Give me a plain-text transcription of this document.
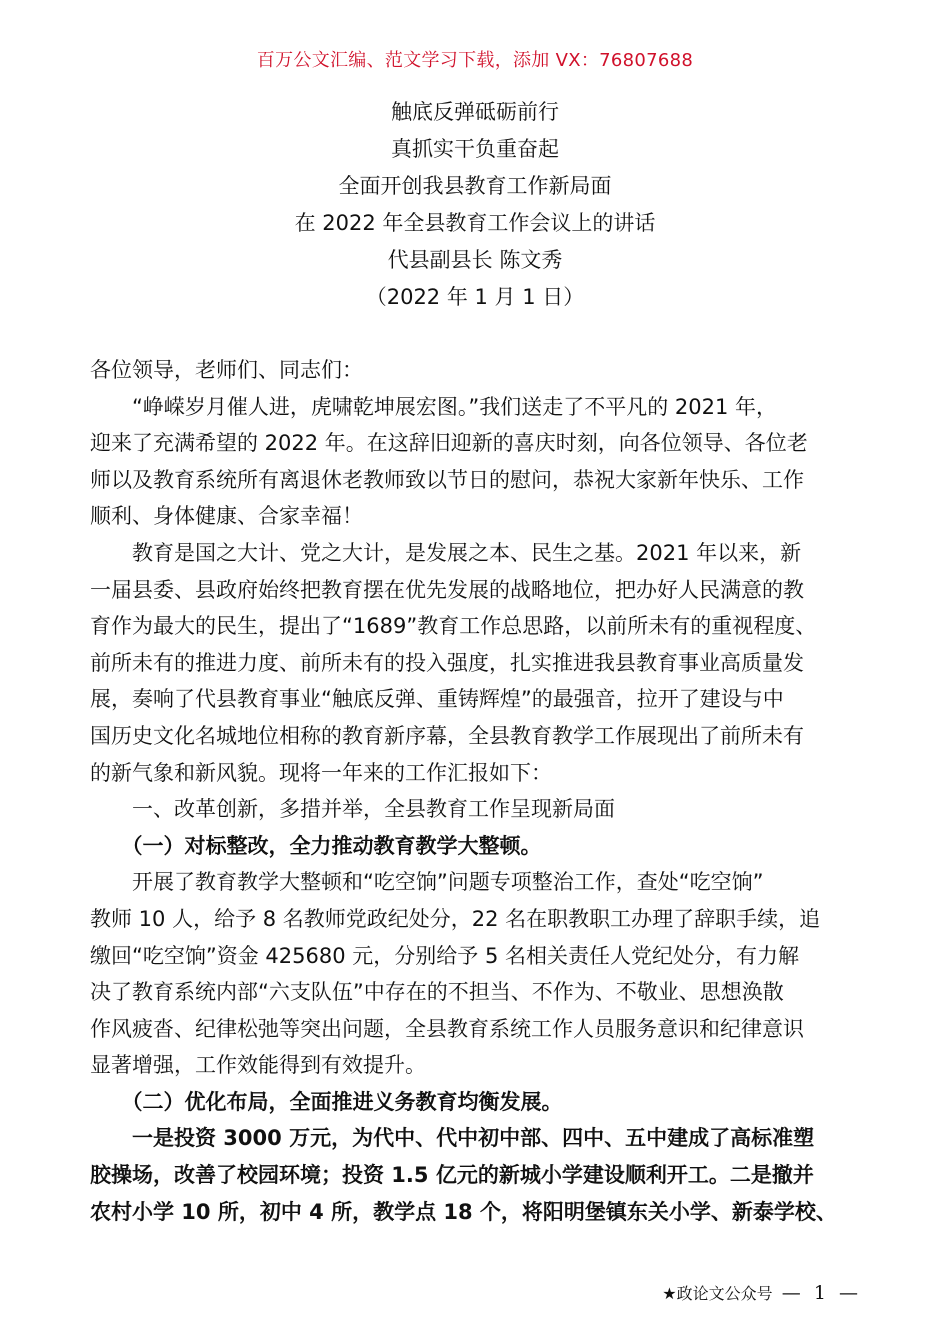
百万公文汇编、范文学习下载，添加 VX：76807688
触底反弹砥砺前行
真抓实干负重奋起
全面开创我县教育工作新局面
在 2022 年全县教育工作会议上的讲话
代县副县长 陈文秀
（2022 年 1 月 1 日）
各位领导，老师们、同志们：
　　“峥嵘岁月催人进，虎啸乾坤展宏图。”我们送走了不平凡的 2021 年，
迎来了充满希望的 2022 年。在这辞旧迎新的喜庆时刻，向各位领导、各位老
师以及教育系统所有离退休老教师致以节日的慰问，恭祝大家新年快乐、工作
顺利、身体健康、合家幸福！
　　教育是国之大计、党之大计，是发展之本、民生之基。2021 年以来，新
一届县委、县政府始终把教育摆在优先发展的战略地位，把办好人民满意的教
育作为最大的民生，提出了“1689”教育工作总思路，以前所未有的重视程度、
前所未有的推进力度、前所未有的投入强度，扎实推进我县教育事业高质量发
展，奏响了代县教育事业“触底反弹、重铸辉煌”的最强音，拉开了建设与中
国历史文化名城地位相称的教育新序幕，全县教育教学工作展现出了前所未有
的新气象和新风貌。现将一年来的工作汇报如下：
　　一、改革创新，多措并举，全县教育工作呈现新局面
　　（一）对标整改，全力推动教育教学大整顿。
　　开展了教育教学大整顿和“吃空饷”问题专项整治工作，查处“吃空饷”
教师 10 人，给予 8 名教师党政纪处分，22 名在职教职工办理了辞职手续，追
缴回“吃空饷”资金 425680 元，分别给予 5 名相关责任人党纪处分，有力解
决了教育系统内部“六支队伍”中存在的不担当、不作为、不敬业、思想涣散
作风疲沓、纪律松弛等突出问题，全县教育系统工作人员服务意识和纪律意识
显著增强，工作效能得到有效提升。
　　（二）优化布局，全面推进义务教育均衡发展。
　　一是投资 3000 万元，为代中、代中初中部、四中、五中建成了高标准塑
胶操场，改善了校园环境；投资 1.5 亿元的新城小学建设顺利开工。二是撤并
农村小学 10 所，初中 4 所，教学点 18 个，将阳明堡镇东关小学、新泰学校、
★政论文公众号 — 1 —
